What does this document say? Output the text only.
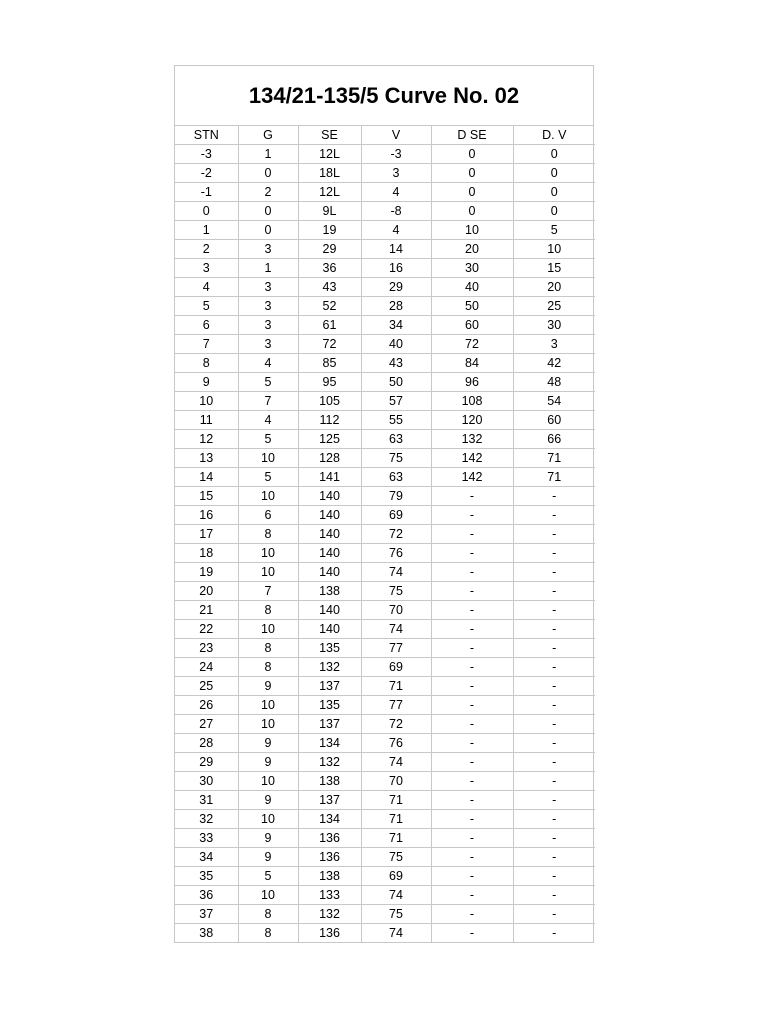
134/21-135/5 Curve No. 02
STN	G	SE	V	D SE	D. V
-3	1	12L	-3	0	0
-2	0	18L	3	0	0
-1	2	12L	4	0	0
0	0	9L	-8	0	0
1	0	19	4	10	5
2	3	29	14	20	10
3	1	36	16	30	15
4	3	43	29	40	20
5	3	52	28	50	25
6	3	61	34	60	30
7	3	72	40	72	3
8	4	85	43	84	42
9	5	95	50	96	48
10	7	105	57	108	54
11	4	112	55	120	60
12	5	125	63	132	66
13	10	128	75	142	71
14	5	141	63	142	71
15	10	140	79	-	-
16	6	140	69	-	-
17	8	140	72	-	-
18	10	140	76	-	-
19	10	140	74	-	-
20	7	138	75	-	-
21	8	140	70	-	-
22	10	140	74	-	-
23	8	135	77	-	-
24	8	132	69	-	-
25	9	137	71	-	-
26	10	135	77	-	-
27	10	137	72	-	-
28	9	134	76	-	-
29	9	132	74	-	-
30	10	138	70	-	-
31	9	137	71	-	-
32	10	134	71	-	-
33	9	136	71	-	-
34	9	136	75	-	-
35	5	138	69	-	-
36	10	133	74	-	-
37	8	132	75	-	-
38	8	136	74	-	-
